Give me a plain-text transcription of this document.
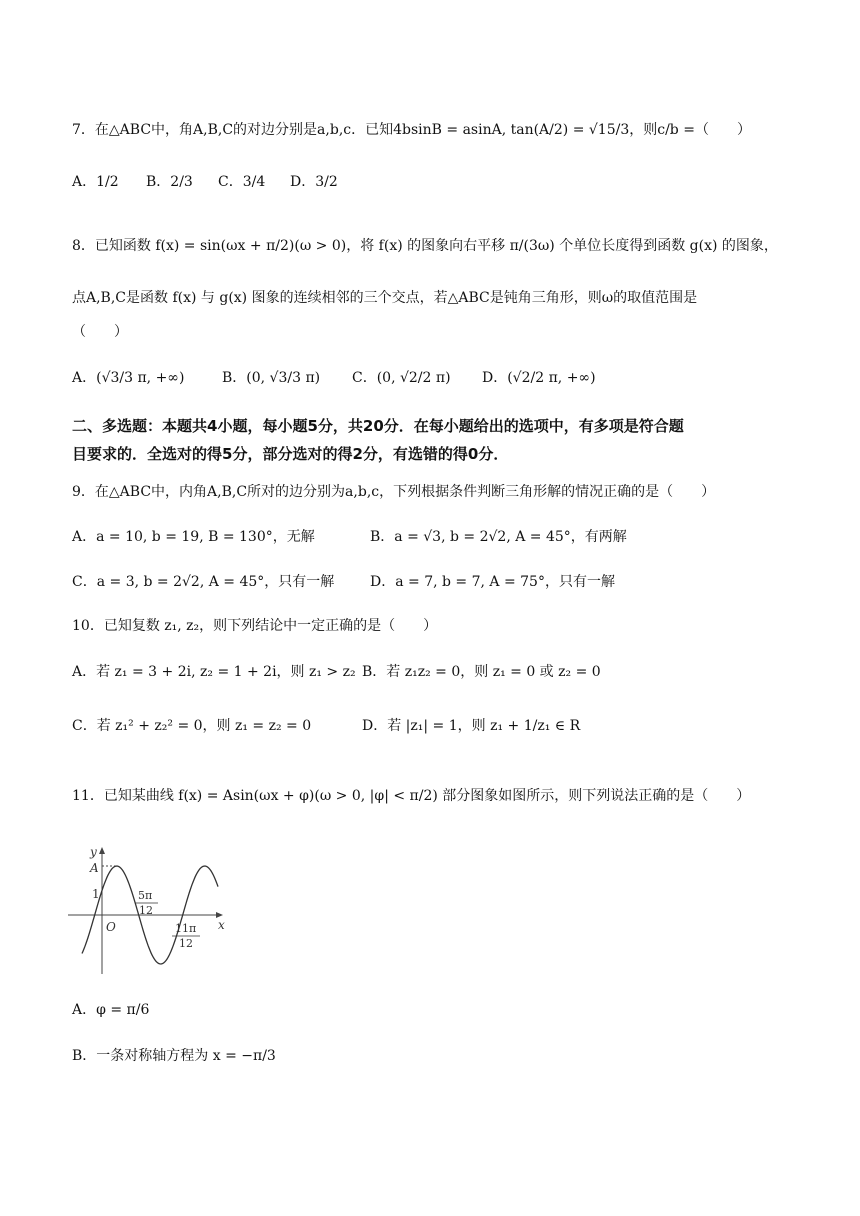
7．在△ABC中，角A,B,C的对边分别是a,b,c．已知4bsinB = asinA, tan(A/2) = √15/3，则c/b =（　　）
A．1/2 B．2/3 C．3/4 D．3/2
8．已知函数 f(x) = sin(ωx + π/2)(ω > 0)，将 f(x) 的图象向右平移 π/(3ω) 个单位长度得到函数 g(x) 的图象，
点A,B,C是函数 f(x) 与 g(x) 图象的连续相邻的三个交点，若△ABC是钝角三角形，则ω的取值范围是
（　　）
A．(√3/3 π, +∞)	B．(0, √3/3 π) C．(0, √2/2 π) D．(√2/2 π, +∞)
二、多选题：本题共4小题，每小题5分，共20分．在每小题给出的选项中，有多项是符合题
目要求的．全选对的得5分，部分选对的得2分，有选错的得0分．
9．在△ABC中，内角A,B,C所对的边分别为a,b,c，下列根据条件判断三角形解的情况正确的是（　　）
A．a = 10, b = 19, B = 130°，无解	B．a = √3, b = 2√2, A = 45°，有两解
C．a = 3, b = 2√2, A = 45°，只有一解	D．a = 7, b = 7, A = 75°，只有一解
10．已知复数 z₁, z₂，则下列结论中一定正确的是（　　）
A．若 z₁ = 3 + 2i, z₂ = 1 + 2i，则 z₁ > z₂ B．若 z₁z₂ = 0，则 z₁ = 0 或 z₂ = 0
C．若 z₁² + z₂² = 0，则 z₁ = z₂ = 0	D．若 |z₁| = 1，则 z₁ + 1/z₁ ∈ R
11．已知某曲线 f(x) = Asin(ωx + φ)(ω > 0, |φ| < π/2) 部分图象如图所示，则下列说法正确的是（　　）
y
x
O
A
1	5π
12
11π
12
A．φ = π/6
B．一条对称轴方程为 x = −π/3
